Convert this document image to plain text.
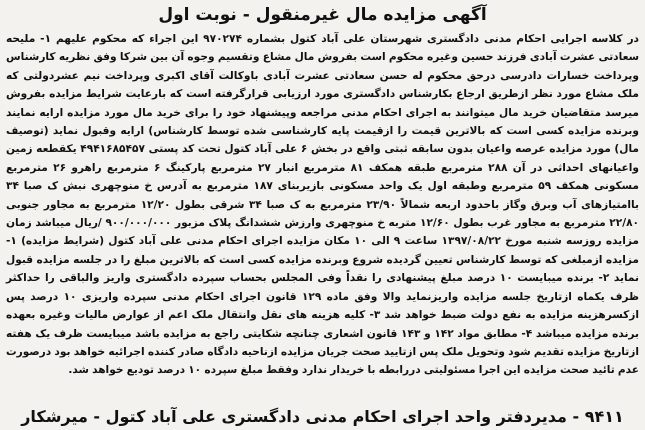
آگهی مزایده مال غیرمنقول - نوبت اول

در کلاسه اجرایی احکام مدنی دادگستری شهرستان علی آباد کتول بشماره ۹۷۰۲۷۴ این اجراء که محکوم علیهم ۱- ملیحه سعادتی عشرت آبادی فرزند حسین وغیره محکوم است بفروش مال مشاع وتقسیم وجوه آن بین شرکا وفق نظریه کارشناس وپرداخت خسارات دادرسی درحق محکوم له حسن سعادتی عشرت آبادی باوکالت آقای اکبری وپرداخت نیم عشردولتی که ملک مشاع مورد نظر ازطریق ارجاع بکارشناس دادگستری مورد ارزیابی قرارگرفته است که بارعایت شرایط مزایده بفروش میرسد متقاضیان خرید مال میتوانند به اجرای احکام مدنی مراجعه وپیشنهاد خود را برای خرید مال مورد مزایده ارایه نمایند وبرنده مزایده کسی است که بالاترین قیمت را ازقیمت پایه کارشناسی شده توسط کارشناس) ارایه وقبول نماید (توصیف مال) مورد مزایده عرصه واعیان بدون سابقه ثبتی واقع در بخش ۶ علی آباد کتول تحت کد پستی ۴۹۴۱۶۸۵۴۵۷ یکقطعه زمین واعیانهای احداثی در آن ۲۸۸ مترمربع طبقه همکف ۸۱ مترمربع انبار ۲۷ مترمربع پارکینگ ۶ مترمربع راهرو ۲۶ مترمربع مسکونی همکف ۵۹ مترمربع وطبقه اول یک واحد مسکونی بازیربنای ۱۸۷ مترمربع به آدرس خ منوچهری نبش ک صبا ۳۴ باامتیازهای آب وبرق وگاز باحدود اربعه شمالاً ۲۳/۹۰ مترمربع به ک صبا ۳۴ شرقی بطول ۱۲/۲۰ مترمربع به مجاور جنوبی ۲۲/۸۰ مترمربع به مجاور غرب بطول ۱۲/۶۰ متربه خ منوچهری وارزش ششدانگ پلاک مزبور ۹۰۰/۰۰۰/۰۰۰ /ریال میباشد زمان مزایده روزسه شنبه مورخ ۱۳۹۷/۰۸/۲۲ ساعت ۹ الی ۱۰ مکان مزایده اجرای احکام مدنی علی آباد کتول (شرایط مزایده) ۱- مزایده ازمبلغی که توسط کارشناس تعیین گردیده شروع وبرنده مزایده کسی است که بالاترین مبلغ را در جلسه مزایده قبول نماید ۲- برنده میبایست ۱۰ درصد مبلغ پیشنهادی را نقداً وفی المجلس بحساب سپرده دادگستری واریز والباقی را حداکثر ظرف یکماه ازتاریخ جلسه مزایده واریزنماید والا وفق ماده ۱۲۹ قانون اجرای احکام مدنی سپرده واریزی ۱۰ درصد پس ازکسرهزینه مزایده به نفع دولت ضبط خواهد شد ۳- کلیه هزینه های نقل وانتقال ملک اعم از عوارض مالیات وغیره بعهده برنده مزایده میباشد ۴- مطابق مواد ۱۴۲ و ۱۴۳ قانون اشعاری چنانچه شکایتی راجع به مزایده باشد میبایست ظرف یک هفته ازتاریخ مزایده تقدیم شود وتحویل ملک پس ازتایید صحت جریان مزایده ازناحیه دادگاه صادر کننده اجرائیه خواهد بود درصورت عدم تائید صحت مزایده این اجرا مسئولیتی دررابطه با خریدار ندارد وفقط مبلغ سپرده ۱۰ درصد تودیع خواهد شد.

۹۴۱۱ - مدیردفتر واحد اجرای احکام مدنی دادگستری علی آباد کتول - میرشکار
